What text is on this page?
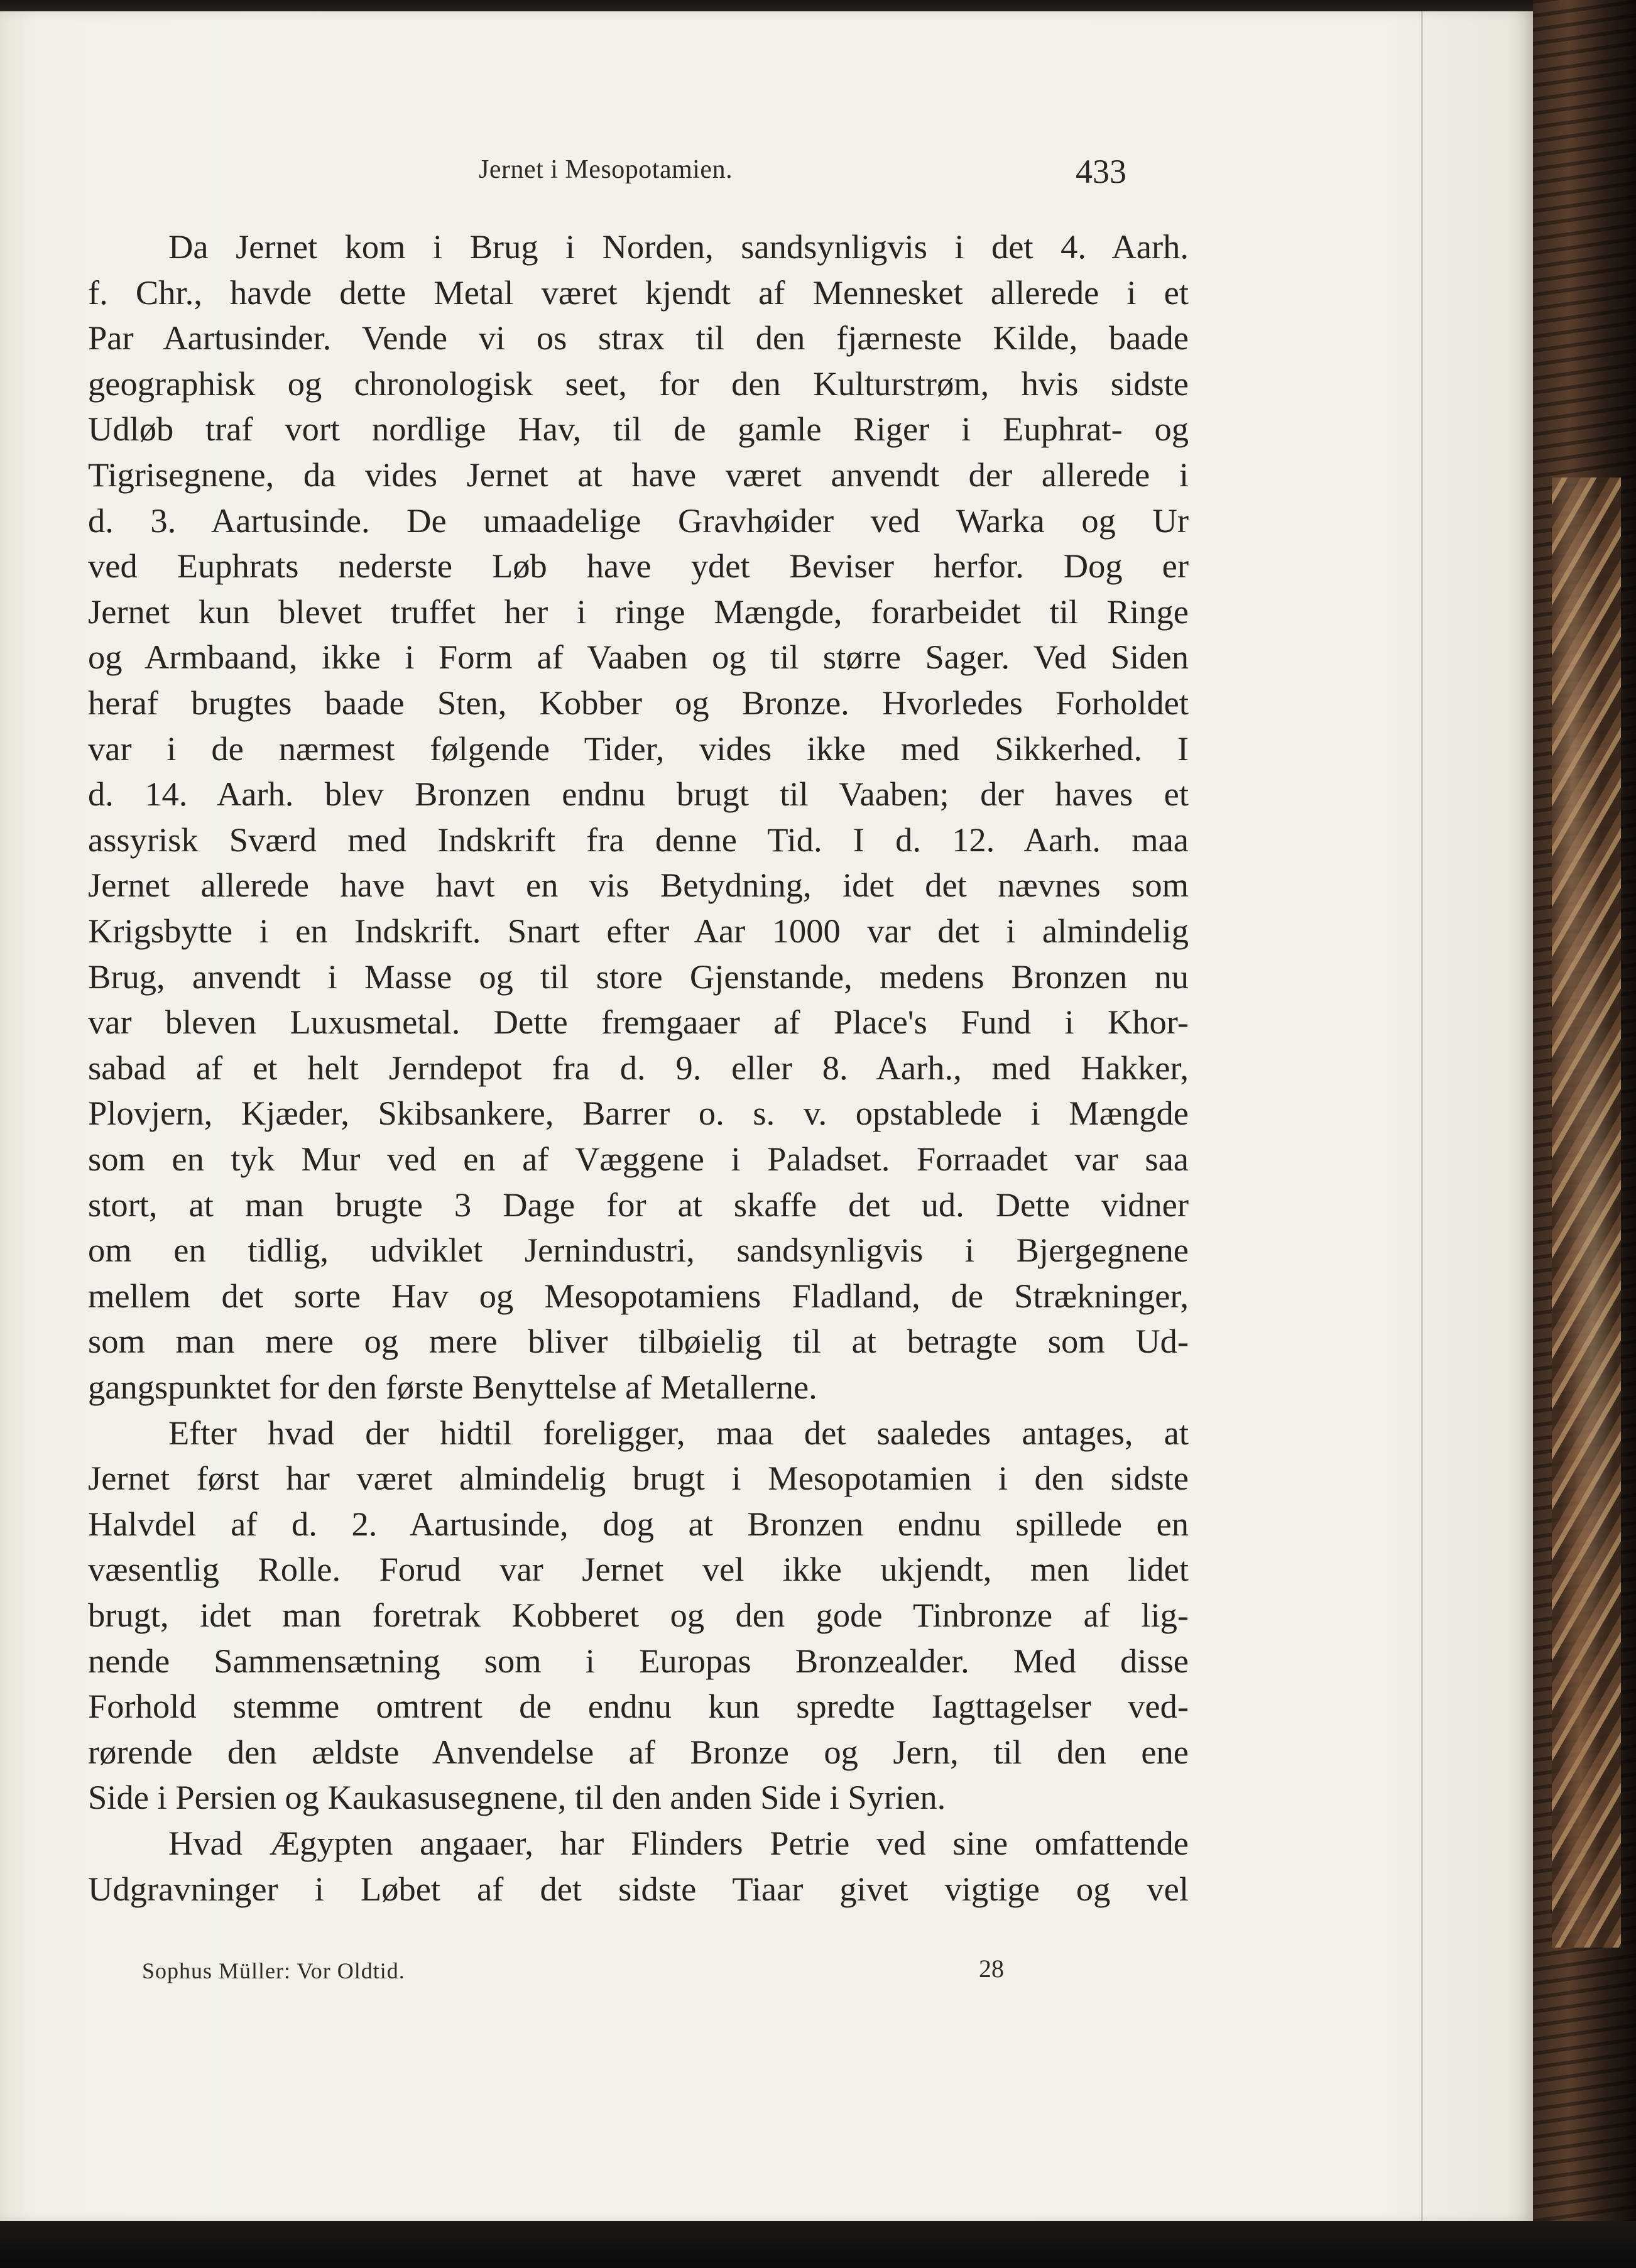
Jernet i Mesopotamien.	433
Da Jernet kom i Brug i Norden, sandsynligvis i det 4. Aarh.
f. Chr., havde dette Metal været kjendt af Mennesket allerede i et
Par Aartusinder. Vende vi os strax til den fjærneste Kilde, baade
geographisk og chronologisk seet, for den Kulturstrøm, hvis sidste
Udløb traf vort nordlige Hav, til de gamle Riger i Euphrat- og
Tigrisegnene, da vides Jernet at have været anvendt der allerede i
d. 3. Aartusinde. De umaadelige Gravhøider ved Warka og Ur
ved Euphrats nederste Løb have ydet Beviser herfor. Dog er
Jernet kun blevet truffet her i ringe Mængde, forarbeidet til Ringe
og Armbaand, ikke i Form af Vaaben og til større Sager. Ved Siden
heraf brugtes baade Sten, Kobber og Bronze. Hvorledes Forholdet
var i de nærmest følgende Tider, vides ikke med Sikkerhed. I
d. 14. Aarh. blev Bronzen endnu brugt til Vaaben; der haves et
assyrisk Sværd med Indskrift fra denne Tid. I d. 12. Aarh. maa
Jernet allerede have havt en vis Betydning, idet det nævnes som
Krigsbytte i en Indskrift. Snart efter Aar 1000 var det i almindelig
Brug, anvendt i Masse og til store Gjenstande, medens Bronzen nu
var bleven Luxusmetal. Dette fremgaaer af Place's Fund i Khor-
sabad af et helt Jerndepot fra d. 9. eller 8. Aarh., med Hakker,
Plovjern, Kjæder, Skibsankere, Barrer o. s. v. opstablede i Mængde
som en tyk Mur ved en af Væggene i Paladset. Forraadet var saa
stort, at man brugte 3 Dage for at skaffe det ud. Dette vidner
om en tidlig, udviklet Jernindustri, sandsynligvis i Bjergegnene
mellem det sorte Hav og Mesopotamiens Fladland, de Strækninger,
som man mere og mere bliver tilbøielig til at betragte som Ud-
gangspunktet for den første Benyttelse af Metallerne.
Efter hvad der hidtil foreligger, maa det saaledes antages, at
Jernet først har været almindelig brugt i Mesopotamien i den sidste
Halvdel af d. 2. Aartusinde, dog at Bronzen endnu spillede en
væsentlig Rolle. Forud var Jernet vel ikke ukjendt, men lidet
brugt, idet man foretrak Kobberet og den gode Tinbronze af lig-
nende Sammensætning som i Europas Bronzealder. Med disse
Forhold stemme omtrent de endnu kun spredte Iagttagelser ved-
rørende den ældste Anvendelse af Bronze og Jern, til den ene
Side i Persien og Kaukasusegnene, til den anden Side i Syrien.
Hvad Ægypten angaaer, har Flinders Petrie ved sine omfattende
Udgravninger i Løbet af det sidste Tiaar givet vigtige og vel
Sophus Müller: Vor Oldtid.	28
